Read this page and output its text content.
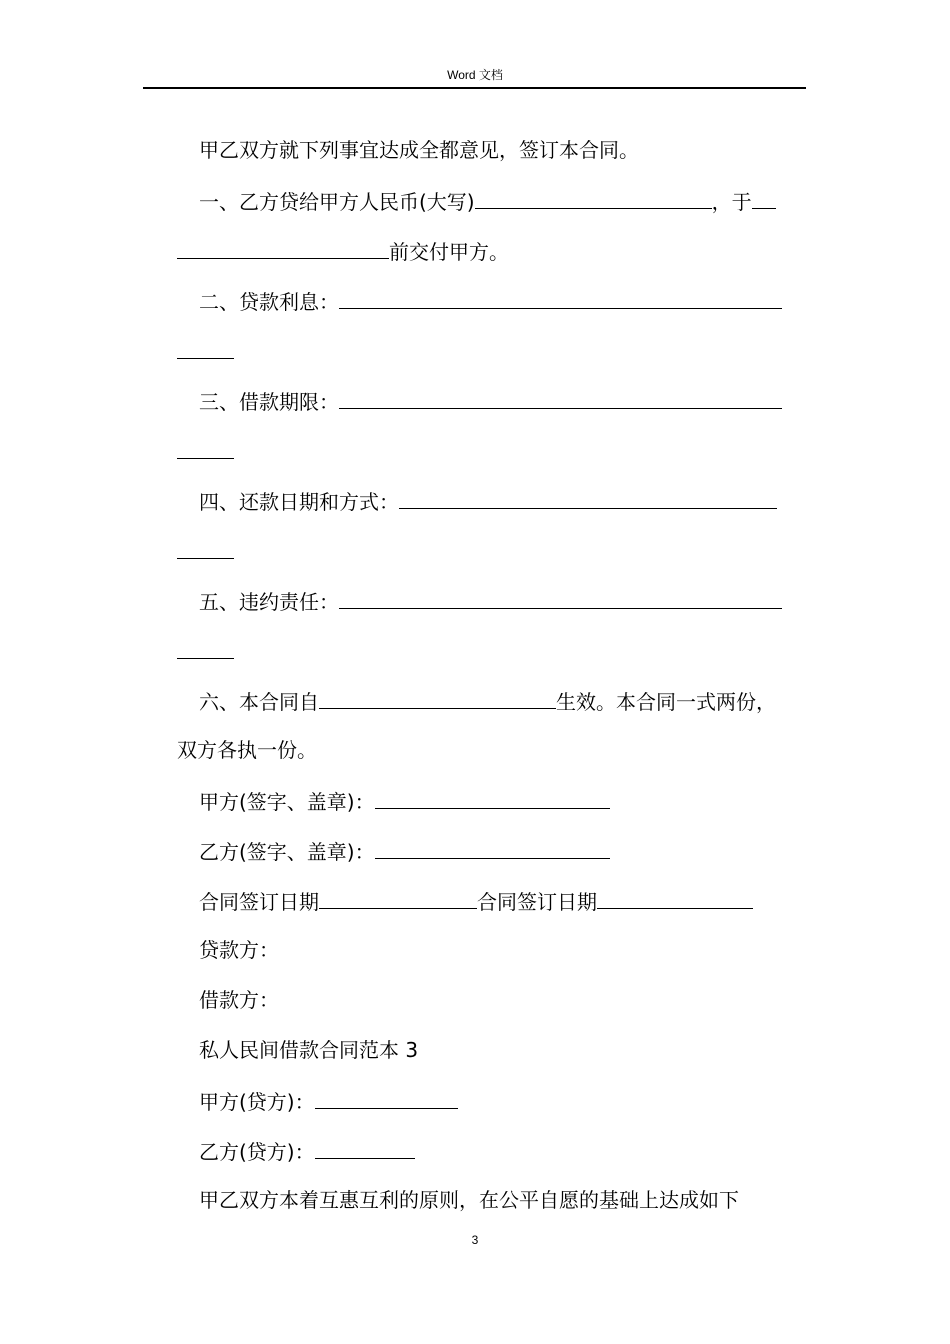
Word 文档
甲乙双方就下列事宜达成全都意见，签订本合同。
一、乙方贷给甲方人民币(大写)	，于
前交付甲方。
二、贷款利息：
三、借款期限：
四、还款日期和方式：
五、违约责任：
六、本合同自	生效。本合同一式两份，
双方各执一份。
甲方(签字、盖章)：
乙方(签字、盖章)：
合同签订日期	合同签订日期
贷款方：
借款方：
私人民间借款合同范本 3
甲方(贷方)：
乙方(贷方)：
甲乙双方本着互惠互利的原则，在公平自愿的基础上达成如下
3
